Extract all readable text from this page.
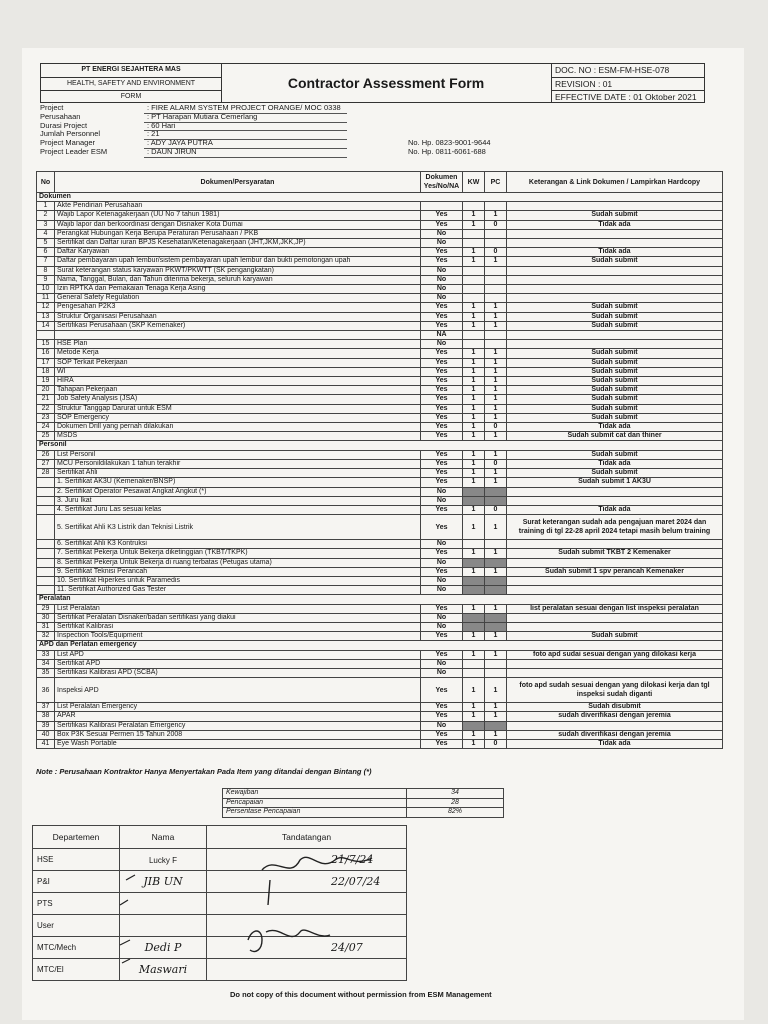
PT ENERGI SEJAHTERA MAS
HEALTH, SAFETY AND ENVIRONMENT
FORM
Contractor Assessment Form
DOC. NO : ESM-FM-HSE-078
REVISION : 01
EFFECTIVE DATE : 01 Oktober 2021
Project	: FIRE ALARM SYSTEM PROJECT ORANGE/ MOC 0338
Perusahaan	: PT Harapan Mutiara Cemerlang
Durasi Project	: 60 Hari
Jumlah Personnel	: 21
Project Manager	: ADY JAYA PUTRA	No. Hp. 0823-9001-9644
Project Leader ESM	: DAUN JIRUN	No. Hp. 0811-6061-688
No	Dokumen/Persyaratan	Dokumen Yes/No/NA	KW	PC	Keterangan & Link Dokumen / Lampirkan Hardcopy
Dokumen					
1	Akte Pendirian Perusahaan				
2	Wajib Lapor Ketenagakerjaan (UU No 7 tahun 1981)	Yes	1	1	Sudah submit
3	Wajib lapor dan berkoordinasi dengan Disnaker Kota Dumai	Yes	1	0	Tidak ada
4	Perangkat Hubungan Kerja Berupa Peraturan Perusahaan / PKB	No			
5	Sertifikat dan Daftar iuran BPJS Kesehatan/Ketenagakerjaan (JHT,JKM,JKK,JP)	No			
6	Daftar Karyawan	Yes	1	0	Tidak ada
7	Daftar pembayaran upah lembur/sistem pembayaran upah lembur dan bukti pemotongan upah	Yes	1	1	Sudah submit
8	Surat keterangan status karyawan PKWT/PKWTT (SK pengangkatan)	No			
9	Nama, Tanggal, Bulan, dan Tahun diterima bekerja, seluruh karyawan	No			
10	Izin RPTKA dan Pemakaian Tenaga Kerja Asing	No			
11	General Safety Regulation	No			
12	Pengesahan P2K3	Yes	1	1	Sudah submit
13	Struktur Organisasi Perusahaan	Yes	1	1	Sudah submit
14	Sertifikasi Perusahaan (SKP Kemenaker)	Yes	1	1	Sudah submit
		NA			
15	HSE Plan	No			
16	Metode Kerja	Yes	1	1	Sudah submit
17	SOP Terkait Pekerjaan	Yes	1	1	Sudah submit
18	WI	Yes	1	1	Sudah submit
19	HIRA	Yes	1	1	Sudah submit
20	Tahapan Pekerjaan	Yes	1	1	Sudah submit
21	Job Safety Analysis (JSA)	Yes	1	1	Sudah submit
22	Struktur Tanggap Darurat untuk ESM	Yes	1	1	Sudah submit
23	SOP Emergency	Yes	1	1	Sudah submit
24	Dokumen Drill yang pernah dilakukan	Yes	1	0	Tidak ada
25	MSDS	Yes	1	1	Sudah submit cat dan thiner
Personil					
26	List Personil	Yes	1	1	Sudah submit
27	MCU Personildilakukan 1 tahun terakhir	Yes	1	0	Tidak ada
28	Sertifikat Ahli	Yes	1	1	Sudah submit
	1. Sertifikat AK3U (Kemenaker/BNSP)	Yes	1	1	Sudah submit 1 AK3U
	2. Sertifikat Operator Pesawat Angkat Angkut (*)	No			
	3. Juru Ikat	No			
	4. Sertifikat Juru Las sesuai kelas	Yes	1	0	Tidak ada
	5. Sertifikat Ahli K3 Listrik dan Teknisi Listrik	Yes	1	1	Surat keterangan sudah ada pengajuan maret 2024 dan training di tgl 22-28 april 2024 tetapi masih belum training
	6. Sertifikat Ahli K3 Kontruksi	No			
	7. Sertifikat Pekerja Untuk Bekerja diketinggian (TKBT/TKPK)	Yes	1	1	Sudah submit TKBT 2 Kemenaker
	8. Sertifikat Pekerja Untuk Bekerja di ruang terbatas (Petugas utama)	No			
	9. Sertifikat Teknisi Perancah	Yes	1	1	Sudah submit 1 spv perancah Kemenaker
	10. Sertifikat Hiperkes untuk Paramedis	No			
	11. Sertifikat Authorized Gas Tester	No			
Peralatan					
29	List Peralatan	Yes	1	1	list peralatan sesuai dengan list inspeksi peralatan
30	Sertifikat Peralatan Disnaker/badan sertifikasi yang diakui	No			
31	Sertifikat Kalibrasi	No			
32	Inspection Tools/Equipment	Yes	1	1	Sudah submit
APD dan Perlatan emergency					
33	List APD	Yes	1	1	foto apd sudai sesuai dengan yang dilokasi kerja
34	Sertifikat APD	No			
35	Sertifikasi Kalibrasi APD (SCBA)	No			
36	Inspeksi APD	Yes	1	1	foto apd sudah sesuai dengan yang dilokasi kerja dan tgl inspeksi sudah diganti
37	List Peralatan Emergency	Yes	1	1	Sudah disubmit
38	APAR	Yes	1	1	sudah diverifikasi dengan jeremia
39	Sertifikasi Kalibrasi Peralatan Emergency	No			
40	Box P3K Sesuai Permen 15 Tahun 2008	Yes	1	1	sudah diverifikasi dengan jeremia
41	Eye Wash Portable	Yes	1	0	Tidak ada
Note : Perusahaan Kontraktor Hanya Menyertakan Pada Item yang ditandai dengan Bintang (*)
Kewajiban	34
Pencapaian	28
Persentase Pencapaian	82%
Departemen	Nama	Tandatangan
HSE	Lucky F	21/7/24
P&I	JIB UN	22/07/24
PTS		
User		
MTC/Mech	Dedi P	24/07
MTC/El	Maswari	
Do not copy of this document without permission from ESM Management
